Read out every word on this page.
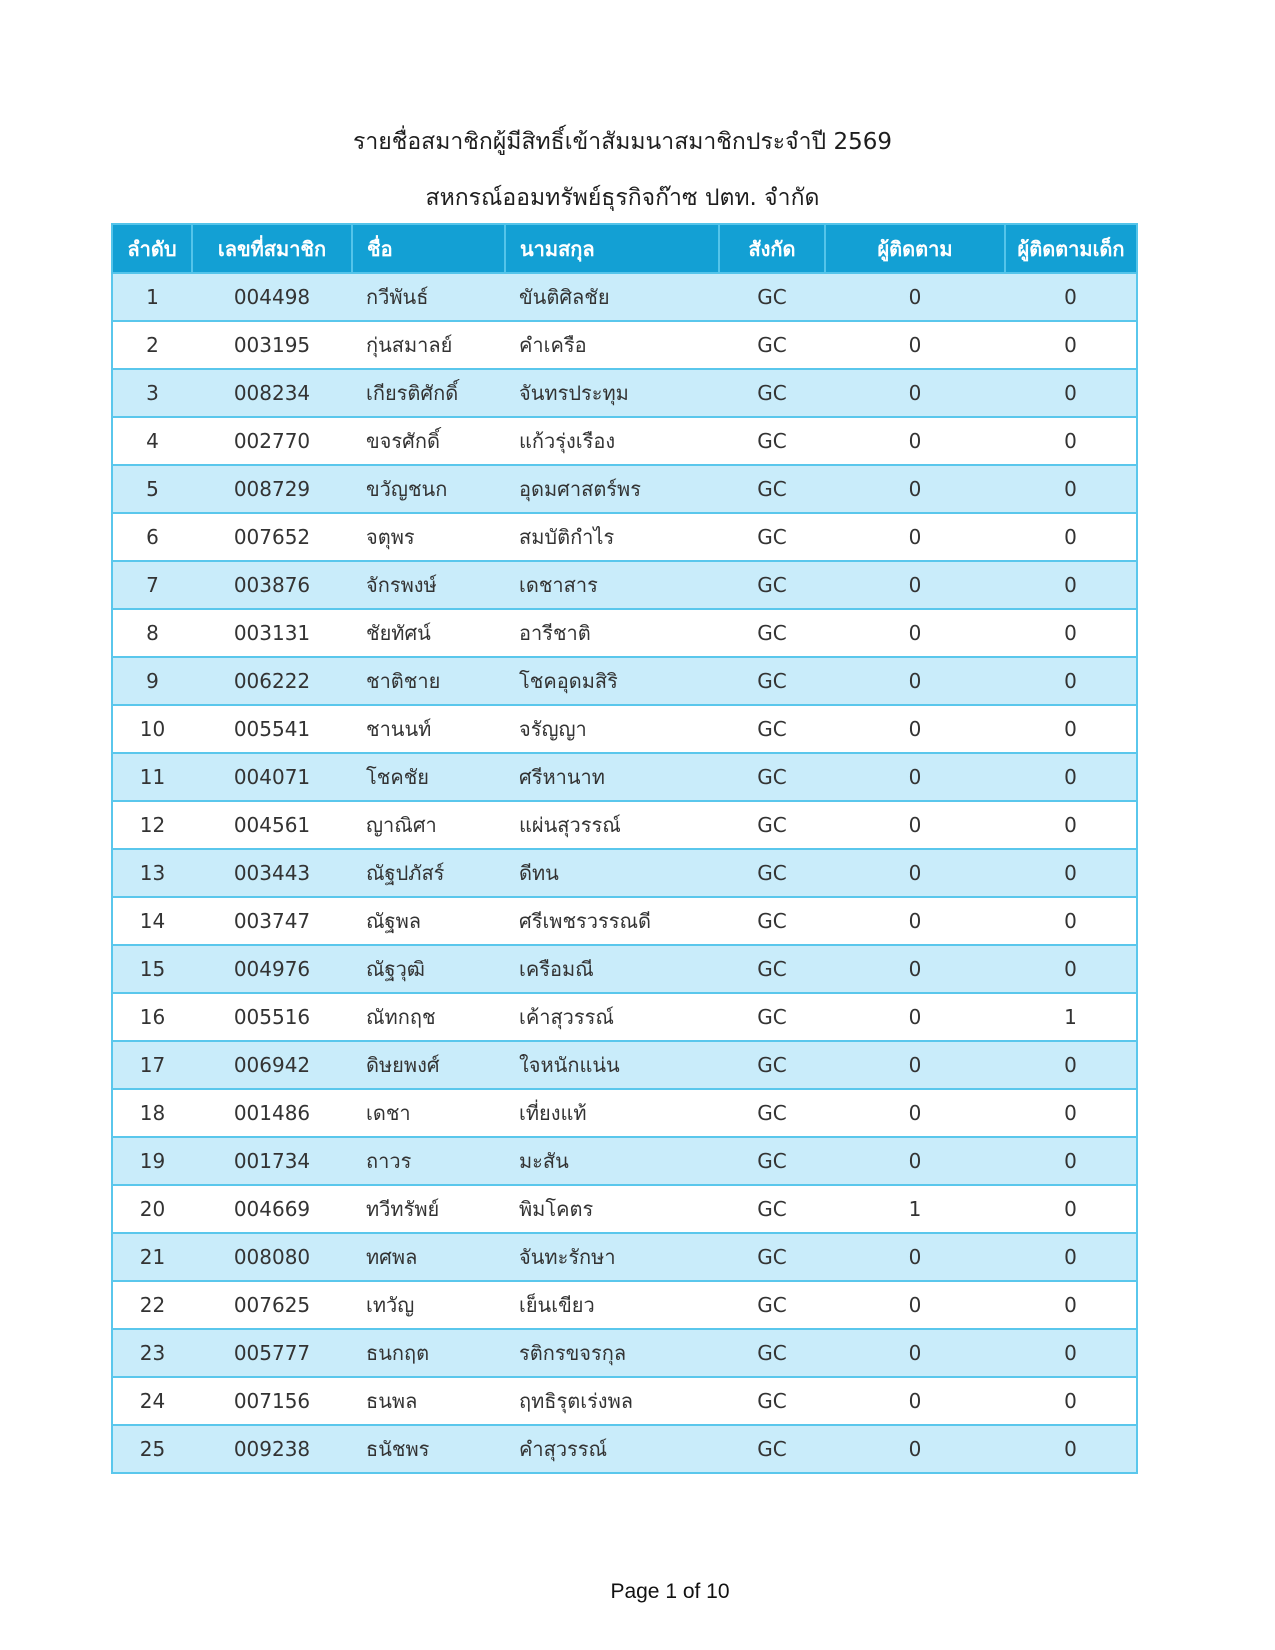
รายชื่อสมาชิกผู้มีสิทธิ์เข้าสัมมนาสมาชิกประจำปี 2569
สหกรณ์ออมทรัพย์ธุรกิจก๊าซ ปตท. จำกัด
ลำดับ	เลขที่สมาชิก	ชื่อ	นามสกุล	สังกัด	ผู้ติดตาม	ผู้ติดตามเด็ก
1	004498	กวีพันธ์	ขันติศิลชัย	GC	0	0
2	003195	กุ่นสมาลย์	คำเครือ	GC	0	0
3	008234	เกียรติศักดิ์	จันทรประทุม	GC	0	0
4	002770	ขจรศักดิ์	แก้วรุ่งเรือง	GC	0	0
5	008729	ขวัญชนก	อุดมศาสตร์พร	GC	0	0
6	007652	จตุพร	สมบัติกำไร	GC	0	0
7	003876	จักรพงษ์	เดชาสาร	GC	0	0
8	003131	ชัยทัศน์	อารีชาติ	GC	0	0
9	006222	ชาติชาย	โชคอุดมสิริ	GC	0	0
10	005541	ชานนท์	จรัญญา	GC	0	0
11	004071	โชคชัย	ศรีหานาท	GC	0	0
12	004561	ญาณิศา	แผ่นสุวรรณ์	GC	0	0
13	003443	ณัฐปภัสร์	ดีทน	GC	0	0
14	003747	ณัฐพล	ศรีเพชรวรรณดี	GC	0	0
15	004976	ณัฐวุฒิ	เครือมณี	GC	0	0
16	005516	ณัทกฤช	เค้าสุวรรณ์	GC	0	1
17	006942	ดิษยพงศ์	ใจหนักแน่น	GC	0	0
18	001486	เดชา	เที่ยงแท้	GC	0	0
19	001734	ถาวร	มะสัน	GC	0	0
20	004669	ทวีทรัพย์	พิมโคตร	GC	1	0
21	008080	ทศพล	จันทะรักษา	GC	0	0
22	007625	เทวัญ	เย็นเขียว	GC	0	0
23	005777	ธนกฤต	รติกรขจรกุล	GC	0	0
24	007156	ธนพล	ฤทธิรุตเร่งพล	GC	0	0
25	009238	ธนัชพร	คำสุวรรณ์	GC	0	0
Page 1 of 10
